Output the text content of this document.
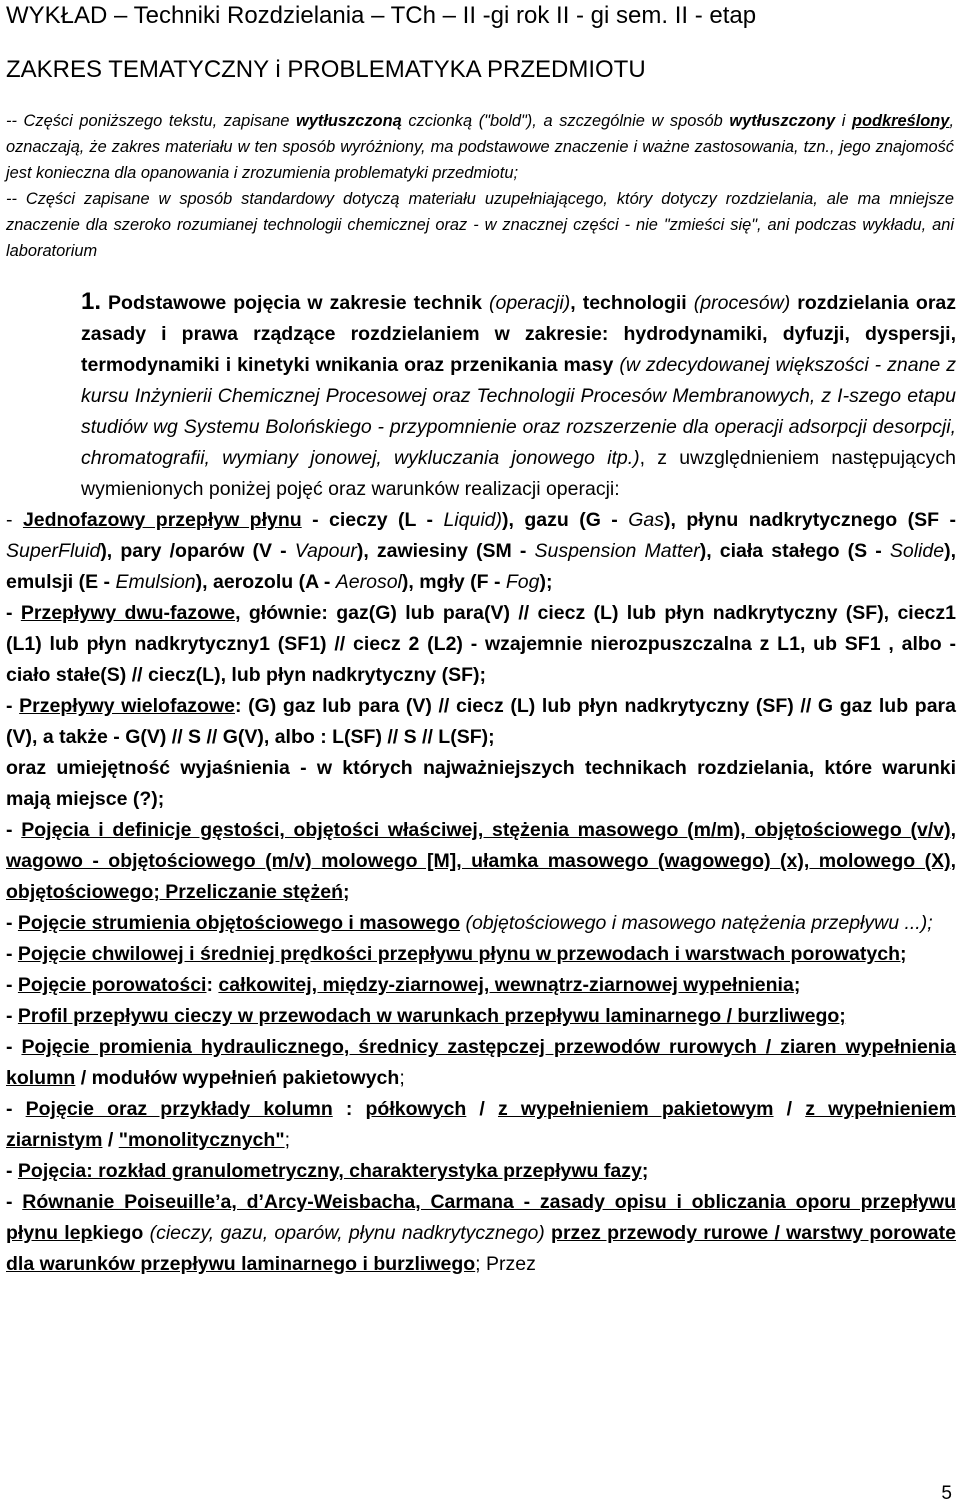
WYKŁAD – Techniki Rozdzielania – TCh – II -gi rok II - gi sem. II - etap
ZAKRES TEMATYCZNY i PROBLEMATYKA PRZEDMIOTU
-- Części poniższego tekstu, zapisane wytłuszczoną czcionką ("bold"), a szczególnie w sposób wytłuszczony i podkreślony, oznaczają, że zakres materiału w ten sposób wyróżniony, ma podstawowe znaczenie i ważne zastosowania, tzn., jego znajomość jest konieczna dla opanowania i zrozumienia problematyki przedmiotu;
-- Części zapisane w sposób standardowy dotyczą materiału uzupełniającego, który dotyczy rozdzielania, ale ma mniejsze znaczenie dla szeroko rozumianej technologii chemicznej oraz - w znacznej części - nie "zmieści się", ani podczas wykładu, ani laboratorium
1. Podstawowe pojęcia w zakresie technik (operacji), technologii (procesów) rozdzielania oraz zasady i prawa rządzące rozdzielaniem w zakresie: hydrodynamiki, dyfuzji, dyspersji, termodynamiki i kinetyki wnikania oraz przenikania masy (w zdecydowanej większości - znane z kursu Inżynierii Chemicznej Procesowej oraz Technologii Procesów Membranowych, z I-szego etapu studiów wg Systemu Bolońskiego - przypomnienie oraz rozszerzenie dla operacji adsorpcji desorpcji, chromatografii, wymiany jonowej, wykluczania jonowego itp.), z uwzględnieniem następujących wymienionych poniżej pojęć oraz warunków realizacji operacji:
- Jednofazowy przepływ płynu - cieczy (L - Liquid)), gazu (G - Gas), płynu nadkrytycznego (SF - SuperFluid), pary /oparów (V - Vapour), zawiesiny (SM - Suspension Matter), ciała stałego (S - Solide), emulsji (E - Emulsion), aerozolu (A - Aerosol), mgły (F - Fog);
- Przepływy dwu-fazowe, głównie: gaz(G) lub para(V) // ciecz (L) lub płyn nadkrytyczny (SF), ciecz1 (L1) lub płyn nadkrytyczny1 (SF1) // ciecz 2 (L2) - wzajemnie nierozpuszczalna z L1, ub SF1 , albo - ciało stałe(S) // ciecz(L), lub płyn nadkrytyczny (SF);
- Przepływy wielofazowe: (G) gaz lub para (V) // ciecz (L) lub płyn nadkrytyczny (SF) // G gaz lub para (V), a także - G(V) // S // G(V), albo : L(SF) // S // L(SF);
oraz umiejętność wyjaśnienia - w których najważniejszych technikach rozdzielania, które warunki mają miejsce (?);
- Pojęcia i definicje gęstości, objętości właściwej, stężenia masowego (m/m), objętościowego (v/v), wagowo - objętościowego (m/v) molowego [M], ułamka masowego (wagowego) (x), molowego (X), objętościowego; Przeliczanie stężeń;
- Pojęcie strumienia objętościowego i masowego (objętościowego i masowego natężenia przepływu ...);
- Pojęcie chwilowej i średniej prędkości przepływu płynu w przewodach i warstwach porowatych;
- Pojęcie porowatości: całkowitej, między-ziarnowej, wewnątrz-ziarnowej wypełnienia;
- Profil przepływu cieczy w przewodach w warunkach przepływu laminarnego / burzliwego;
- Pojęcie promienia hydraulicznego, średnicy zastępczej przewodów rurowych / ziaren wypełnienia kolumn / modułów wypełnień pakietowych;
- Pojęcie oraz przykłady kolumn : półkowych / z wypełnieniem pakietowym / z wypełnieniem ziarnistym / "monolitycznych";
- Pojęcia: rozkład granulometryczny, charakterystyka przepływu fazy;
- Równanie Poiseuille’a, d’Arcy-Weisbacha, Carmana - zasady opisu i obliczania oporu przepływu płynu lepkiego (cieczy, gazu, oparów, płynu nadkrytycznego) przez przewody rurowe / warstwy porowate dla warunków przepływu laminarnego i burzliwego; Przez
5
